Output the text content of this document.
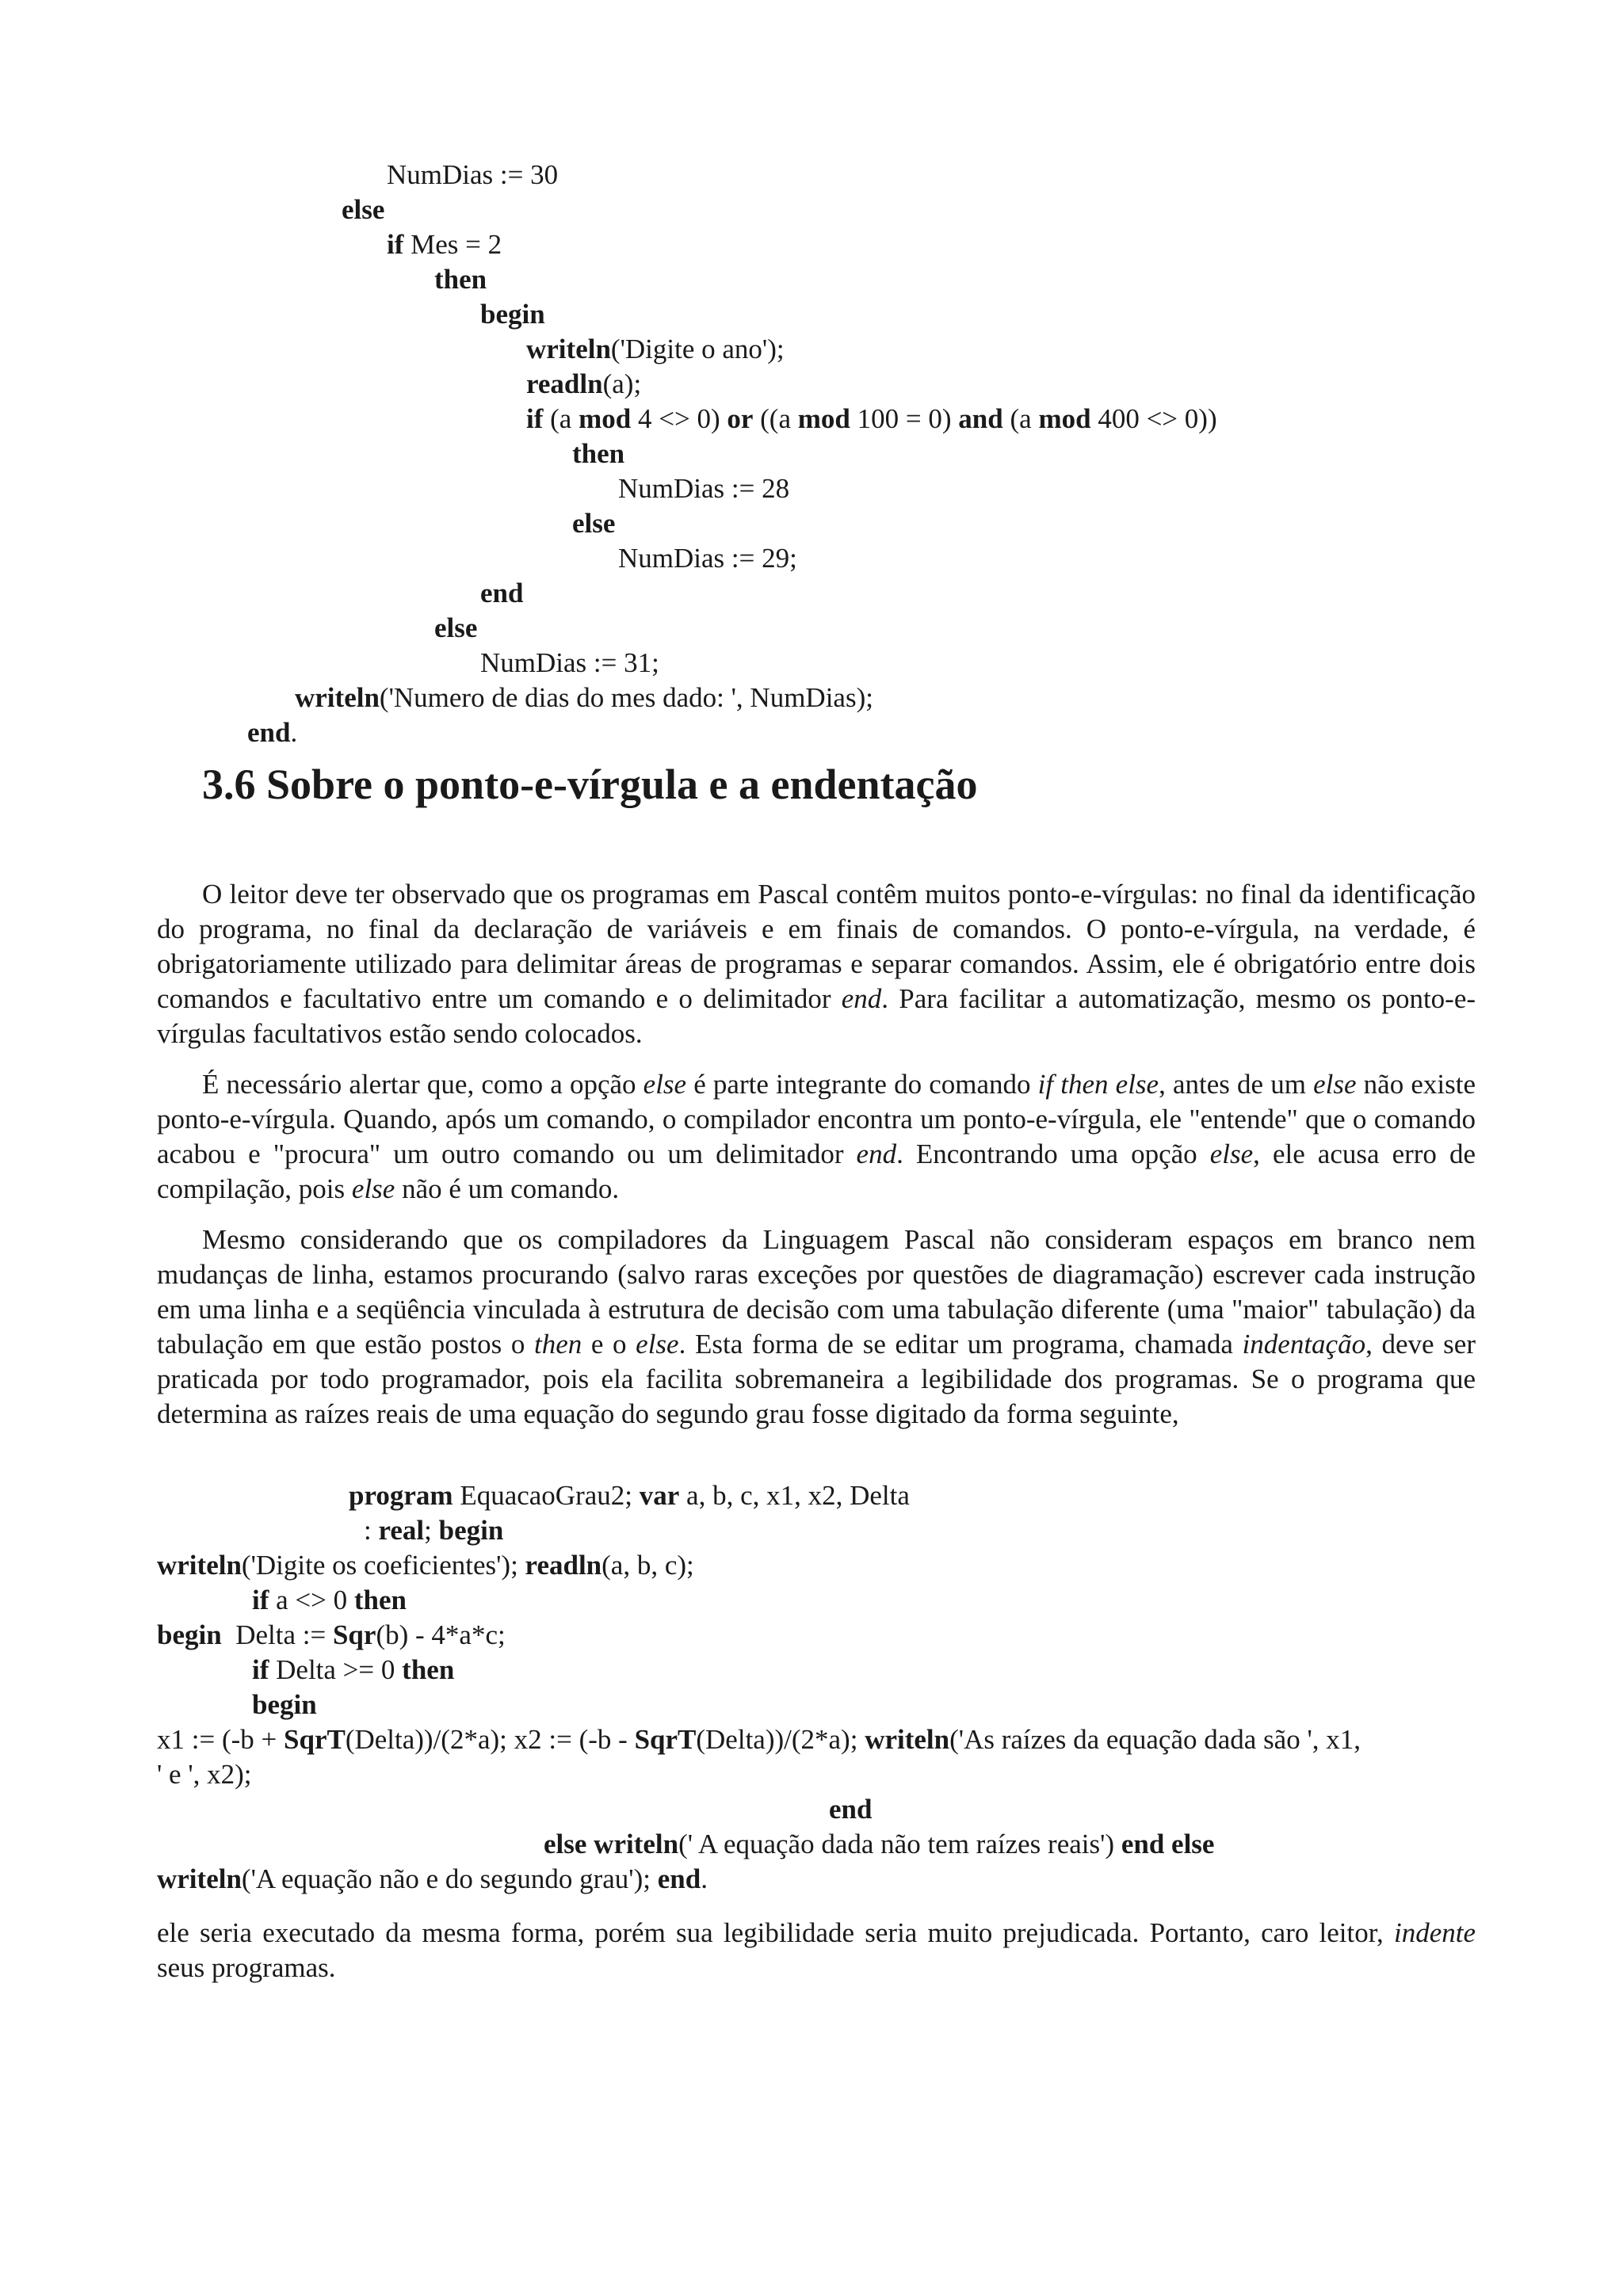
NumDias := 30
else
if Mes = 2
then
begin
writeln('Digite o ano');
readln(a);
if (a mod 4 <> 0) or ((a mod 100 = 0) and (a mod 400 <> 0))
then
NumDias := 28
else
NumDias := 29;
end
else
NumDias := 31;
writeln('Numero de dias do mes dado: ', NumDias);
end.
3.6 Sobre o ponto-e-vírgula e a endentação

O leitor deve ter observado que os programas em Pascal contêm muitos ponto-e-vírgulas: no final da identificação do programa, no final da declaração de variáveis e em finais de comandos. O ponto-e-vírgula, na verdade, é obrigatoriamente utilizado para delimitar áreas de programas e separar comandos. Assim, ele é obrigatório entre dois comandos e facultativo entre um comando e o delimitador end. Para facilitar a automatização, mesmo os ponto-e-vírgulas facultativos estão sendo colocados.

É necessário alertar que, como a opção else é parte integrante do comando if then else, antes de um else não existe ponto-e-vírgula. Quando, após um comando, o compilador encontra um ponto-e-vírgula, ele "entende" que o comando acabou e "procura" um outro comando ou um delimitador end. Encontrando uma opção else, ele acusa erro de compilação, pois else não é um comando.

Mesmo considerando que os compiladores da Linguagem Pascal não consideram espaços em branco nem mudanças de linha, estamos procurando (salvo raras exceções por questões de diagramação) escrever cada instrução em uma linha e a seqüência vinculada à estrutura de decisão com uma tabulação diferente (uma "maior" tabulação) da tabulação em que estão postos o then e o else. Esta forma de se editar um programa, chamada indentação, deve ser praticada por todo programador, pois ela facilita sobremaneira a legibilidade dos programas. Se o programa que determina as raízes reais de uma equação do segundo grau fosse digitado da forma seguinte,

program EquacaoGrau2; var a, b, c, x1, x2, Delta
: real; begin
writeln('Digite os coeficientes'); readln(a, b, c);
if a <> 0 then
begin  Delta := Sqr(b) - 4*a*c;
if Delta >= 0 then
begin
x1 := (-b + SqrT(Delta))/(2*a); x2 := (-b - SqrT(Delta))/(2*a); writeln('As raízes da equação dada são ', x1,
' e ', x2);
end
else writeln(' A equação dada não tem raízes reais') end else
writeln('A equação não e do segundo grau'); end.

ele seria executado da mesma forma, porém sua legibilidade seria muito prejudicada. Portanto, caro leitor, indente seus programas.
